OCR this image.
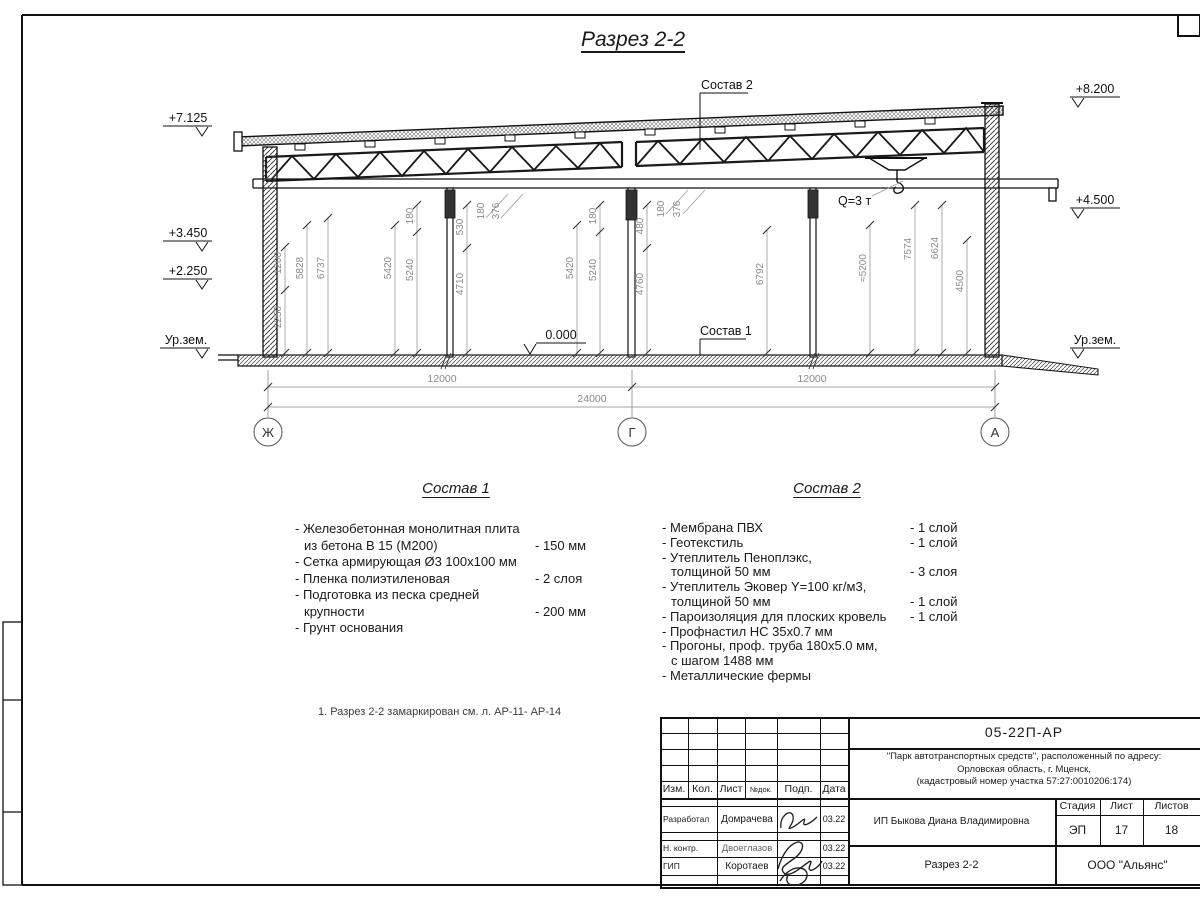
+7.125
+3.450
+2.250
Ур.зем.
+8.200
+4.500
Ур.зем.
0.000
Состав 2
Состав 1
Q=3 т
12000	12000
24000
1200
2250
5828 6737	5420
180
5240
530
4710
180 376
5420
180
5240
480
4760
180 376
6792	≈5200
7574 6624
4500
Ж	Г	А
Разрез 2-2
Состав 1
- Железобетонная монолитная плита
из бетона В 15 (М200)	- 150 мм
- Сетка армирующая Ø3 100х100 мм
- Пленка полиэтиленовая	- 2 слоя
- Подготовка из песка средней
крупности	- 200 мм
- Грунт основания
Состав 2
- Мембрана ПВХ	- 1 слой
- Геотекстиль	- 1 слой
- Утеплитель Пеноплэкс,
толщиной 50 мм	- 3 слоя
- Утеплитель Эковер Y=100 кг/м3,
толщиной 50 мм	- 1 слой
- Пароизоляция для плоских кровель	- 1 слой
- Профнастил НС 35х0.7 мм
- Прогоны, проф. труба 180х5.0 мм,
с шагом 1488 мм
- Металлические фермы
1. Разрез 2-2 замаркирован см. л. АР-11- АР-14
Изм. Кол. Лист	№док.	Подп. Дата
Разработал	Домрачева	03.22
Н. контр.	Двоеглазов	03.22
ГИП	Коротаев	03.22
05-22П-АР
"Парк автотранспортных средств", расположенный по адресу:
Орловская область, г. Мценск,
(кадастровый номер участка 57:27:0010206:174)
ИП Быкова Диана Владимировна
Стадия	Лист	Листов
ЭП	17	18
Разрез 2-2	ООО "Альянс"
